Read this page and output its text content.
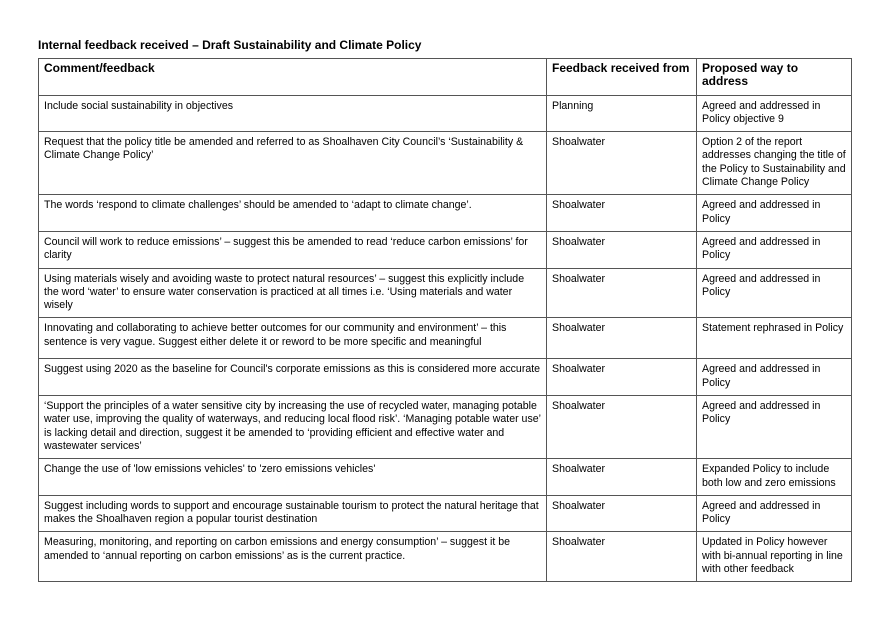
Internal feedback received – Draft Sustainability and Climate Policy
Comment/feedback	Feedback received from	Proposed way to address
Include social sustainability in objectives	Planning	Agreed and addressed in Policy objective 9
Request that the policy title be amended and referred to as Shoalhaven City Council’s ‘Sustainability & Climate Change Policy’	Shoalwater	Option 2 of the report addresses changing the title of the Policy to Sustainability and Climate Change Policy
The words ‘respond to climate challenges’ should be amended to ‘adapt to climate change’.	Shoalwater	Agreed and addressed in Policy
Council will work to reduce emissions’ – suggest this be amended to read ‘reduce carbon emissions’ for clarity	Shoalwater	Agreed and addressed in Policy
Using materials wisely and avoiding waste to protect natural resources’ – suggest this explicitly include the word ‘water’ to ensure water conservation is practiced at all times i.e. ‘Using materials and water wisely	Shoalwater	Agreed and addressed in Policy
Innovating and collaborating to achieve better outcomes for our community and environment’ – this sentence is very vague. Suggest either delete it or reword to be more specific and meaningful	Shoalwater	Statement rephrased in Policy
Suggest using 2020 as the baseline for Council's corporate emissions as this is considered more accurate	Shoalwater	Agreed and addressed in Policy
‘Support the principles of a water sensitive city by increasing the use of recycled water, managing potable water use, improving the quality of waterways, and reducing local flood risk’. ‘Managing potable water use’ is lacking detail and direction, suggest it be amended to ‘providing efficient and effective water and wastewater services’	Shoalwater	Agreed and addressed in Policy
Change the use of 'low emissions vehicles' to 'zero emissions vehicles'	Shoalwater	Expanded Policy to include both low and zero emissions
Suggest including words to support and encourage sustainable tourism to protect the natural heritage that makes the Shoalhaven region a popular tourist destination	Shoalwater	Agreed and addressed in Policy
Measuring, monitoring, and reporting on carbon emissions and energy consumption’ – suggest it be amended to ‘annual reporting on carbon emissions’ as is the current practice.	Shoalwater	Updated in Policy however with bi-annual reporting in line with other feedback
